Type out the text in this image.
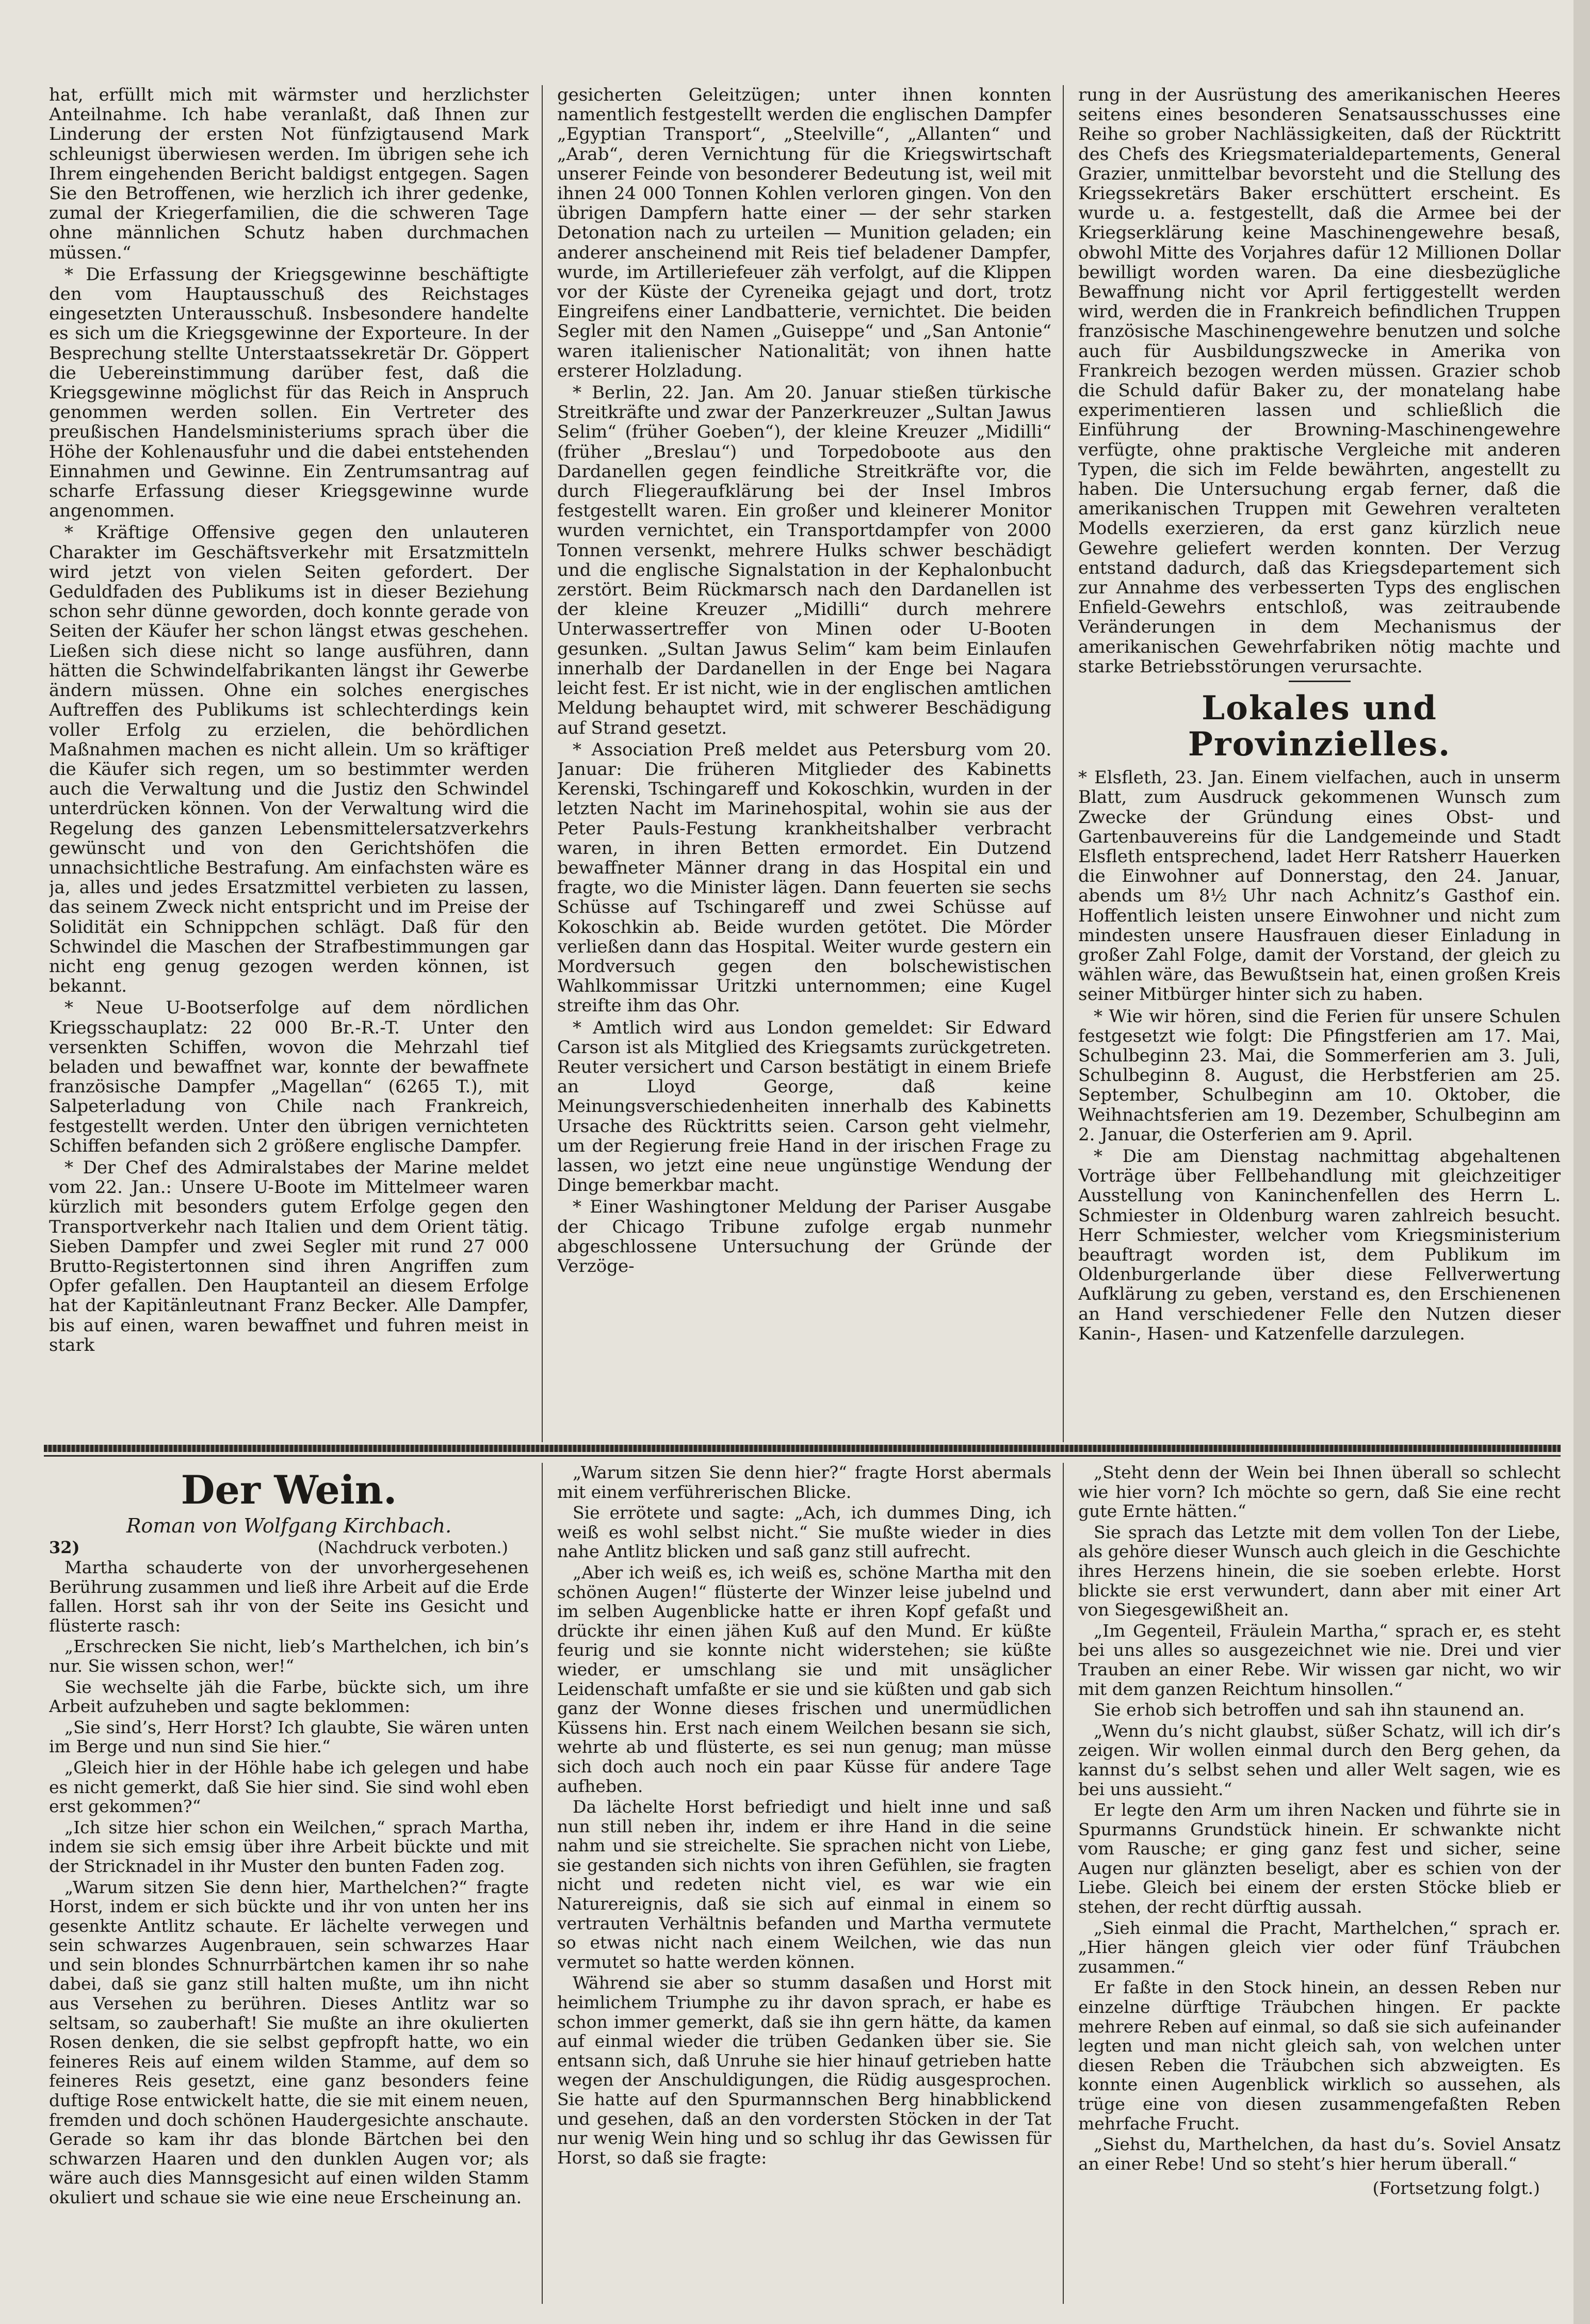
hat, erfüllt mich mit wärmster und herzlichster Anteilnahme. Ich habe veranlaßt, daß Ihnen zur Linderung der ersten Not fünfzigtausend Mark schleunigst überwiesen werden. Im übrigen sehe ich Ihrem eingehenden Bericht baldigst entgegen. Sagen Sie den Betroffenen, wie herzlich ich ihrer gedenke, zumal der Kriegerfamilien, die die schweren Tage ohne männlichen Schutz haben durchmachen müssen.“

* Die Erfassung der Kriegsgewinne beschäftigte den vom Hauptausschuß des Reichstages eingesetzten Unterausschuß. Insbesondere handelte es sich um die Kriegsgewinne der Exporteure. In der Besprechung stellte Unterstaatssekretär Dr. Göppert die Uebereinstimmung darüber fest, daß die Kriegsgewinne möglichst für das Reich in Anspruch genommen werden sollen. Ein Vertreter des preußischen Handelsministeriums sprach über die Höhe der Kohlenausfuhr und die dabei entstehenden Einnahmen und Gewinne. Ein Zentrumsantrag auf scharfe Erfassung dieser Kriegsgewinne wurde angenommen.

* Kräftige Offensive gegen den unlauteren Charakter im Geschäftsverkehr mit Ersatzmitteln wird jetzt von vielen Seiten gefordert. Der Geduldfaden des Publikums ist in dieser Beziehung schon sehr dünne geworden, doch konnte gerade von Seiten der Käufer her schon längst etwas geschehen. Ließen sich diese nicht so lange ausführen, dann hätten die Schwindelfabrikanten längst ihr Gewerbe ändern müssen. Ohne ein solches energisches Auftreffen des Publikums ist schlechterdings kein voller Erfolg zu erzielen, die behördlichen Maßnahmen machen es nicht allein. Um so kräftiger die Käufer sich regen, um so bestimmter werden auch die Verwaltung und die Justiz den Schwindel unterdrücken können. Von der Verwaltung wird die Regelung des ganzen Lebensmittelersatzverkehrs gewünscht und von den Gerichtshöfen die unnachsichtliche Bestrafung. Am einfachsten wäre es ja, alles und jedes Ersatzmittel verbieten zu lassen, das seinem Zweck nicht entspricht und im Preise der Solidität ein Schnippchen schlägt. Daß für den Schwindel die Maschen der Strafbestimmungen gar nicht eng genug gezogen werden können, ist bekannt.

* Neue U-Bootserfolge auf dem nördlichen Kriegsschauplatz: 22 000 Br.-R.-T. Unter den versenkten Schiffen, wovon die Mehrzahl tief beladen und bewaffnet war, konnte der bewaffnete französische Dampfer „Magellan“ (6265 T.), mit Salpeterladung von Chile nach Frankreich, festgestellt werden. Unter den übrigen vernichteten Schiffen befanden sich 2 größere englische Dampfer.

* Der Chef des Admiralstabes der Marine meldet vom 22. Jan.: Unsere U-Boote im Mittelmeer waren kürzlich mit besonders gutem Erfolge gegen den Transportverkehr nach Italien und dem Orient tätig. Sieben Dampfer und zwei Segler mit rund 27 000 Brutto-Registertonnen sind ihren Angriffen zum Opfer gefallen. Den Hauptanteil an diesem Erfolge hat der Kapitänleutnant Franz Becker. Alle Dampfer, bis auf einen, waren bewaffnet und fuhren meist in stark

gesicherten Geleitzügen; unter ihnen konnten namentlich festgestellt werden die englischen Dampfer „Egyptian Transport“, „Steelville“, „Allanten“ und „Arab“, deren Vernichtung für die Kriegswirtschaft unserer Feinde von besonderer Bedeutung ist, weil mit ihnen 24 000 Tonnen Kohlen verloren gingen. Von den übrigen Dampfern hatte einer — der sehr starken Detonation nach zu urteilen — Munition geladen; ein anderer anscheinend mit Reis tief beladener Dampfer, wurde, im Artilleriefeuer zäh verfolgt, auf die Klippen vor der Küste der Cyreneika gejagt und dort, trotz Eingreifens einer Landbatterie, vernichtet. Die beiden Segler mit den Namen „Guiseppe“ und „San Antonie“ waren italienischer Nationalität; von ihnen hatte ersterer Holzladung.

* Berlin, 22. Jan. Am 20. Januar stießen türkische Streitkräfte und zwar der Panzerkreuzer „Sultan Jawus Selim“ (früher Goeben“), der kleine Kreuzer „Midilli“ (früher „Breslau“) und Torpedoboote aus den Dardanellen gegen feindliche Streitkräfte vor, die durch Fliegeraufklärung bei der Insel Imbros festgestellt waren. Ein großer und kleinerer Monitor wurden vernichtet, ein Transportdampfer von 2000 Tonnen versenkt, mehrere Hulks schwer beschädigt und die englische Signalstation in der Kephalonbucht zerstört. Beim Rückmarsch nach den Dardanellen ist der kleine Kreuzer „Midilli“ durch mehrere Unterwassertreffer von Minen oder U-Booten gesunken. „Sultan Jawus Selim“ kam beim Einlaufen innerhalb der Dardanellen in der Enge bei Nagara leicht fest. Er ist nicht, wie in der englischen amtlichen Meldung behauptet wird, mit schwerer Beschädigung auf Strand gesetzt.

* Association Preß meldet aus Petersburg vom 20. Januar: Die früheren Mitglieder des Kabinetts Kerenski, Tschingareff und Kokoschkin, wurden in der letzten Nacht im Marinehospital, wohin sie aus der Peter Pauls-Festung krankheitshalber verbracht waren, in ihren Betten ermordet. Ein Dutzend bewaffneter Männer drang in das Hospital ein und fragte, wo die Minister lägen. Dann feuerten sie sechs Schüsse auf Tschingareff und zwei Schüsse auf Kokoschkin ab. Beide wurden getötet. Die Mörder verließen dann das Hospital. Weiter wurde gestern ein Mordversuch gegen den bolschewistischen Wahlkommissar Uritzki unternommen; eine Kugel streifte ihm das Ohr.

* Amtlich wird aus London gemeldet: Sir Edward Carson ist als Mitglied des Kriegsamts zurückgetreten. Reuter versichert und Carson bestätigt in einem Briefe an Lloyd George, daß keine Meinungsverschiedenheiten innerhalb des Kabinetts Ursache des Rücktritts seien. Carson geht vielmehr, um der Regierung freie Hand in der irischen Frage zu lassen, wo jetzt eine neue ungünstige Wendung der Dinge bemerkbar macht.

* Einer Washingtoner Meldung der Pariser Ausgabe der Chicago Tribune zufolge ergab nunmehr abgeschlossene Untersuchung der Gründe der Verzöge-

rung in der Ausrüstung des amerikanischen Heeres seitens eines besonderen Senatsausschusses eine Reihe so grober Nachlässigkeiten, daß der Rücktritt des Chefs des Kriegsmaterialdepartements, General Grazier, unmittelbar bevorsteht und die Stellung des Kriegssekretärs Baker erschüttert erscheint. Es wurde u. a. festgestellt, daß die Armee bei der Kriegserklärung keine Maschinengewehre besaß, obwohl Mitte des Vorjahres dafür 12 Millionen Dollar bewilligt worden waren. Da eine diesbezügliche Bewaffnung nicht vor April fertiggestellt werden wird, werden die in Frankreich befindlichen Truppen französische Maschinengewehre benutzen und solche auch für Ausbildungszwecke in Amerika von Frankreich bezogen werden müssen. Grazier schob die Schuld dafür Baker zu, der monatelang habe experimentieren lassen und schließlich die Einführung der Browning-Maschinengewehre verfügte, ohne praktische Vergleiche mit anderen Typen, die sich im Felde bewährten, angestellt zu haben. Die Untersuchung ergab ferner, daß die amerikanischen Truppen mit Gewehren veralteten Modells exerzieren, da erst ganz kürzlich neue Gewehre geliefert werden konnten. Der Verzug entstand dadurch, daß das Kriegsdepartement sich zur Annahme des verbesserten Typs des englischen Enfield-Gewehrs entschloß, was zeitraubende Veränderungen in dem Mechanismus der amerikanischen Gewehrfabriken nötig machte und starke Betriebsstörungen verursachte.

Lokales und Provinzielles.

* Elsfleth, 23. Jan. Einem vielfachen, auch in unserm Blatt, zum Ausdruck gekommenen Wunsch zum Zwecke der Gründung eines Obst- und Gartenbauvereins für die Landgemeinde und Stadt Elsfleth entsprechend, ladet Herr Ratsherr Hauerken die Einwohner auf Donnerstag, den 24. Januar, abends um 8½ Uhr nach Achnitz’s Gasthof ein. Hoffentlich leisten unsere Einwohner und nicht zum mindesten unsere Hausfrauen dieser Einladung in großer Zahl Folge, damit der Vorstand, der gleich zu wählen wäre, das Bewußtsein hat, einen großen Kreis seiner Mitbürger hinter sich zu haben.

* Wie wir hören, sind die Ferien für unsere Schulen festgesetzt wie folgt: Die Pfingstferien am 17. Mai, Schulbeginn 23. Mai, die Sommerferien am 3. Juli, Schulbeginn 8. August, die Herbstferien am 25. September, Schulbeginn am 10. Oktober, die Weihnachtsferien am 19. Dezember, Schulbeginn am 2. Januar, die Osterferien am 9. April.

* Die am Dienstag nachmittag abgehaltenen Vorträge über Fellbehandlung mit gleichzeitiger Ausstellung von Kaninchenfellen des Herrn L. Schmiester in Oldenburg waren zahlreich besucht. Herr Schmiester, welcher vom Kriegsministerium beauftragt worden ist, dem Publikum im Oldenburgerlande über diese Fellverwertung Aufklärung zu geben, verstand es, den Erschienenen an Hand verschiedener Felle den Nutzen dieser Kanin-, Hasen- und Katzenfelle darzulegen.

Der Wein.
Roman von Wolfgang Kirchbach.
32)	(Nachdruck verboten.)

Martha schauderte von der unvorhergesehenen Berührung zusammen und ließ ihre Arbeit auf die Erde fallen. Horst sah ihr von der Seite ins Gesicht und flüsterte rasch:

„Erschrecken Sie nicht, lieb’s Marthelchen, ich bin’s nur. Sie wissen schon, wer!“

Sie wechselte jäh die Farbe, bückte sich, um ihre Arbeit aufzuheben und sagte beklommen:

„Sie sind’s, Herr Horst? Ich glaubte, Sie wären unten im Berge und nun sind Sie hier.“

„Gleich hier in der Höhle habe ich gelegen und habe es nicht gemerkt, daß Sie hier sind. Sie sind wohl eben erst gekommen?“

„Ich sitze hier schon ein Weilchen,“ sprach Martha, indem sie sich emsig über ihre Arbeit bückte und mit der Stricknadel in ihr Muster den bunten Faden zog.

„Warum sitzen Sie denn hier, Marthelchen?“ fragte Horst, indem er sich bückte und ihr von unten her ins gesenkte Antlitz schaute. Er lächelte verwegen und sein schwarzes Augenbrauen, sein schwarzes Haar und sein blondes Schnurrbärtchen kamen ihr so nahe dabei, daß sie ganz still halten mußte, um ihn nicht aus Versehen zu berühren. Dieses Antlitz war so seltsam, so zauberhaft! Sie mußte an ihre okulierten Rosen denken, die sie selbst gepfropft hatte, wo ein feineres Reis auf einem wilden Stamme, auf dem so feineres Reis gesetzt, eine ganz besonders feine duftige Rose entwickelt hatte, die sie mit einem neuen, fremden und doch schönen Haudergesichte anschaute. Gerade so kam ihr das blonde Bärtchen bei den schwarzen Haaren und den dunklen Augen vor; als wäre auch dies Mannsgesicht auf einen wilden Stamm okuliert und schaue sie wie eine neue Erscheinung an.

„Warum sitzen Sie denn hier?“ fragte Horst abermals mit einem verführerischen Blicke.

Sie errötete und sagte: „Ach, ich dummes Ding, ich weiß es wohl selbst nicht.“ Sie mußte wieder in dies nahe Antlitz blicken und saß ganz still aufrecht.

„Aber ich weiß es, ich weiß es, schöne Martha mit den schönen Augen!“ flüsterte der Winzer leise jubelnd und im selben Augenblicke hatte er ihren Kopf gefaßt und drückte ihr einen jähen Kuß auf den Mund. Er küßte feurig und sie konnte nicht widerstehen; sie küßte wieder, er umschlang sie und mit unsäglicher Leidenschaft umfaßte er sie und sie küßten und gab sich ganz der Wonne dieses frischen und unermüdlichen Küssens hin. Erst nach einem Weilchen besann sie sich, wehrte ab und flüsterte, es sei nun genug; man müsse sich doch auch noch ein paar Küsse für andere Tage aufheben.

Da lächelte Horst befriedigt und hielt inne und saß nun still neben ihr, indem er ihre Hand in die seine nahm und sie streichelte. Sie sprachen nicht von Liebe, sie gestanden sich nichts von ihren Gefühlen, sie fragten nicht und redeten nicht viel, es war wie ein Naturereignis, daß sie sich auf einmal in einem so vertrauten Verhältnis befanden und Martha vermutete so etwas nicht nach einem Weilchen, wie das nun vermutet so hatte werden können.

Während sie aber so stumm dasaßen und Horst mit heimlichem Triumphe zu ihr davon sprach, er habe es schon immer gemerkt, daß sie ihn gern hätte, da kamen auf einmal wieder die trüben Gedanken über sie. Sie entsann sich, daß Unruhe sie hier hinauf getrieben hatte wegen der Anschuldigungen, die Rüdig ausgesprochen. Sie hatte auf den Spurmannschen Berg hinabblickend und gesehen, daß an den vordersten Stöcken in der Tat nur wenig Wein hing und so schlug ihr das Gewissen für Horst, so daß sie fragte:

„Steht denn der Wein bei Ihnen überall so schlecht wie hier vorn? Ich möchte so gern, daß Sie eine recht gute Ernte hätten.“

Sie sprach das Letzte mit dem vollen Ton der Liebe, als gehöre dieser Wunsch auch gleich in die Geschichte ihres Herzens hinein, die sie soeben erlebte. Horst blickte sie erst verwundert, dann aber mit einer Art von Siegesgewißheit an.

„Im Gegenteil, Fräulein Martha,“ sprach er, es steht bei uns alles so ausgezeichnet wie nie. Drei und vier Trauben an einer Rebe. Wir wissen gar nicht, wo wir mit dem ganzen Reichtum hinsollen.“

Sie erhob sich betroffen und sah ihn staunend an.

„Wenn du’s nicht glaubst, süßer Schatz, will ich dir’s zeigen. Wir wollen einmal durch den Berg gehen, da kannst du’s selbst sehen und aller Welt sagen, wie es bei uns aussieht.“

Er legte den Arm um ihren Nacken und führte sie in Spurmanns Grundstück hinein. Er schwankte nicht vom Rausche; er ging ganz fest und sicher, seine Augen nur glänzten beseligt, aber es schien von der Liebe. Gleich bei einem der ersten Stöcke blieb er stehen, der recht dürftig aussah.

„Sieh einmal die Pracht, Marthelchen,“ sprach er. „Hier hängen gleich vier oder fünf Träubchen zusammen.“

Er faßte in den Stock hinein, an dessen Reben nur einzelne dürftige Träubchen hingen. Er packte mehrere Reben auf einmal, so daß sie sich aufeinander legten und man nicht gleich sah, von welchen unter diesen Reben die Träubchen sich abzweigten. Es konnte einen Augenblick wirklich so aussehen, als trüge eine von diesen zusammengefaßten Reben mehrfache Frucht.

„Siehst du, Marthelchen, da hast du’s. Soviel Ansatz an einer Rebe! Und so steht’s hier herum überall.“

(Fortsetzung folgt.)
